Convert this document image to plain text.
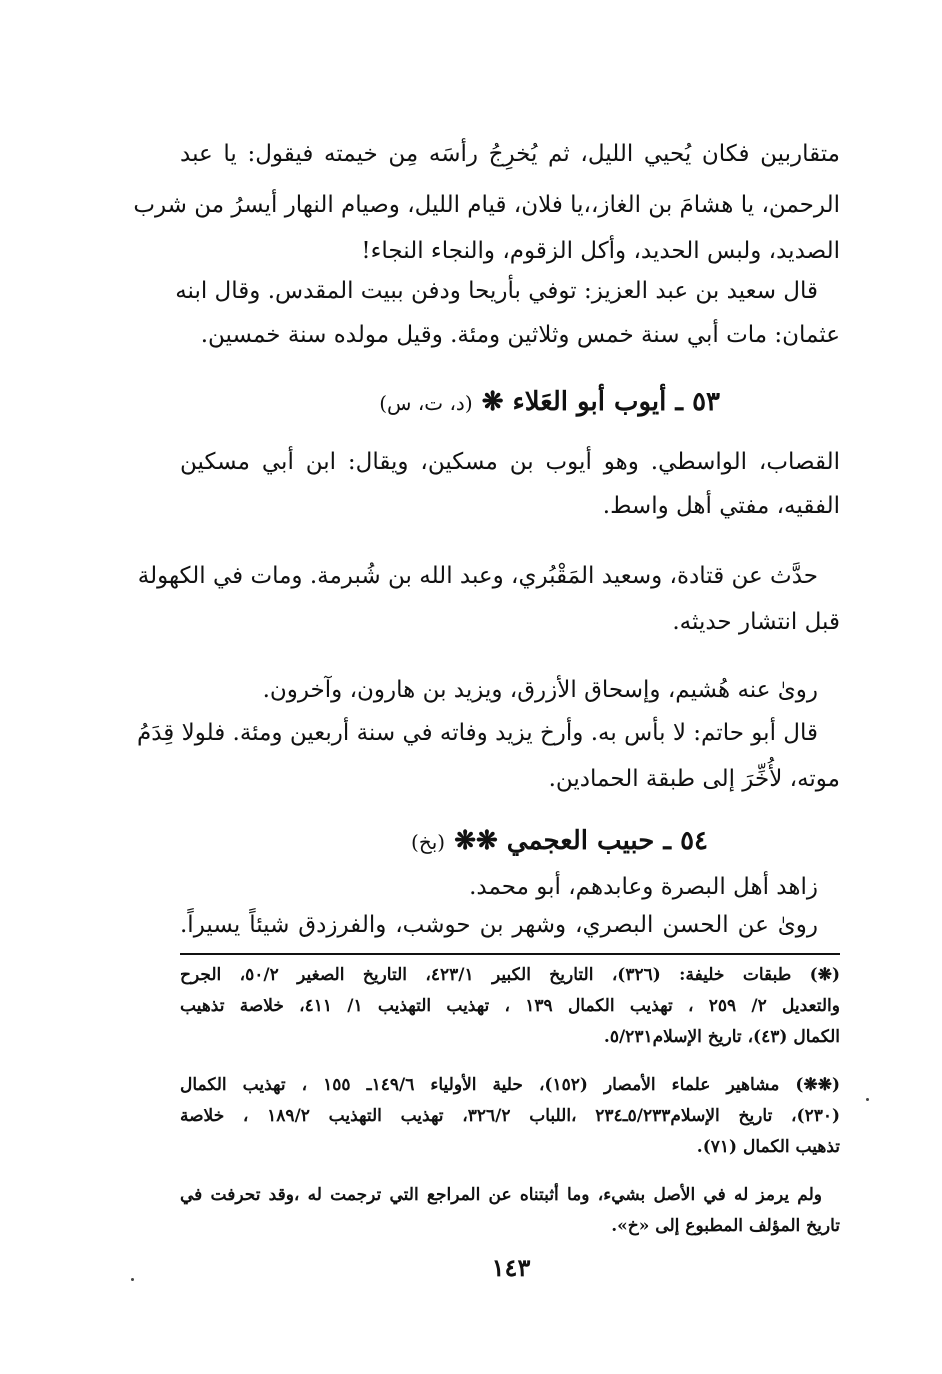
متقاربين فكان يُحيي الليل، ثم يُخرِجُ رأسَه مِن خيمته فيقول: يا عبد
الرحمن، يا هشامَ بن الغاز،،يا فلان، قيام الليل، وصيام النهار أيسرُ من شرب
الصديد، ولبس الحديد، وأكل الزقوم، والنجاء النجاء!
قال سعيد بن عبد العزيز: توفي بأريحا ودفن ببيت المقدس. وقال ابنه
عثمان: مات أبي سنة خمس وثلاثين ومئة. وقيل مولده سنة خمسين.
٥٣ ـ أيوب أبو العَلاء ❋ (د، ت، س)
القصاب، الواسطي. وهو أيوب بن مسكين، ويقال: ابن أبي مسكين
الفقيه، مفتي أهل واسط.
حدَّث عن قتادة، وسعيد المَقْبُري، وعبد الله بن شُبرمة. ومات في الكهولة
قبل انتشار حديثه.
روىٰ عنه هُشيم، وإسحاق الأزرق، ويزيد بن هارون، وآخرون.
قال أبو حاتم: لا بأس به. وأرخ يزيد وفاته في سنة أربعين ومئة. فلولا قِدَمُ
موته، لأُخِّرَ إلى طبقة الحمادين.
٥٤ ـ حبيب العجمي ❋❋ (بخ)
زاهد أهل البصرة وعابدهم، أبو محمد.
روىٰ عن الحسن البصري، وشهر بن حوشب، والفرزدق شيئاً يسيراً.
(❋) طبقات خليفة: (٣٢٦)، التاريخ الكبير ٤٢٣/١، التاريخ الصغير ٥٠/٢، الجرح
والتعديل ٢/ ٢٥٩ ، تهذيب الكمال ١٣٩ ، تهذيب التهذيب ١/ ٤١١، خلاصة تذهيب
الكمال (٤٣)، تاريخ الإسلام٥/٢٣١.
(❋❋) مشاهير علماء الأمصار (١٥٢)، حلية الأولياء ١٤٩/٦ـ ١٥٥ ، تهذيب الكمال
(٢٣٠)، تاريخ الإسلام٥/٢٣٣ـ٢٣٤ ،اللباب ٣٢٦/٢، تهذيب التهذيب ١٨٩/٢ ، خلاصة
تذهيب الكمال (٧١).
ولم يرمز له في الأصل بشيء، وما أثبتناه عن المراجع التي ترجمت له ،وقد تحرفت في
تاريخ المؤلف المطبوع إلى «خ».
١٤٣
